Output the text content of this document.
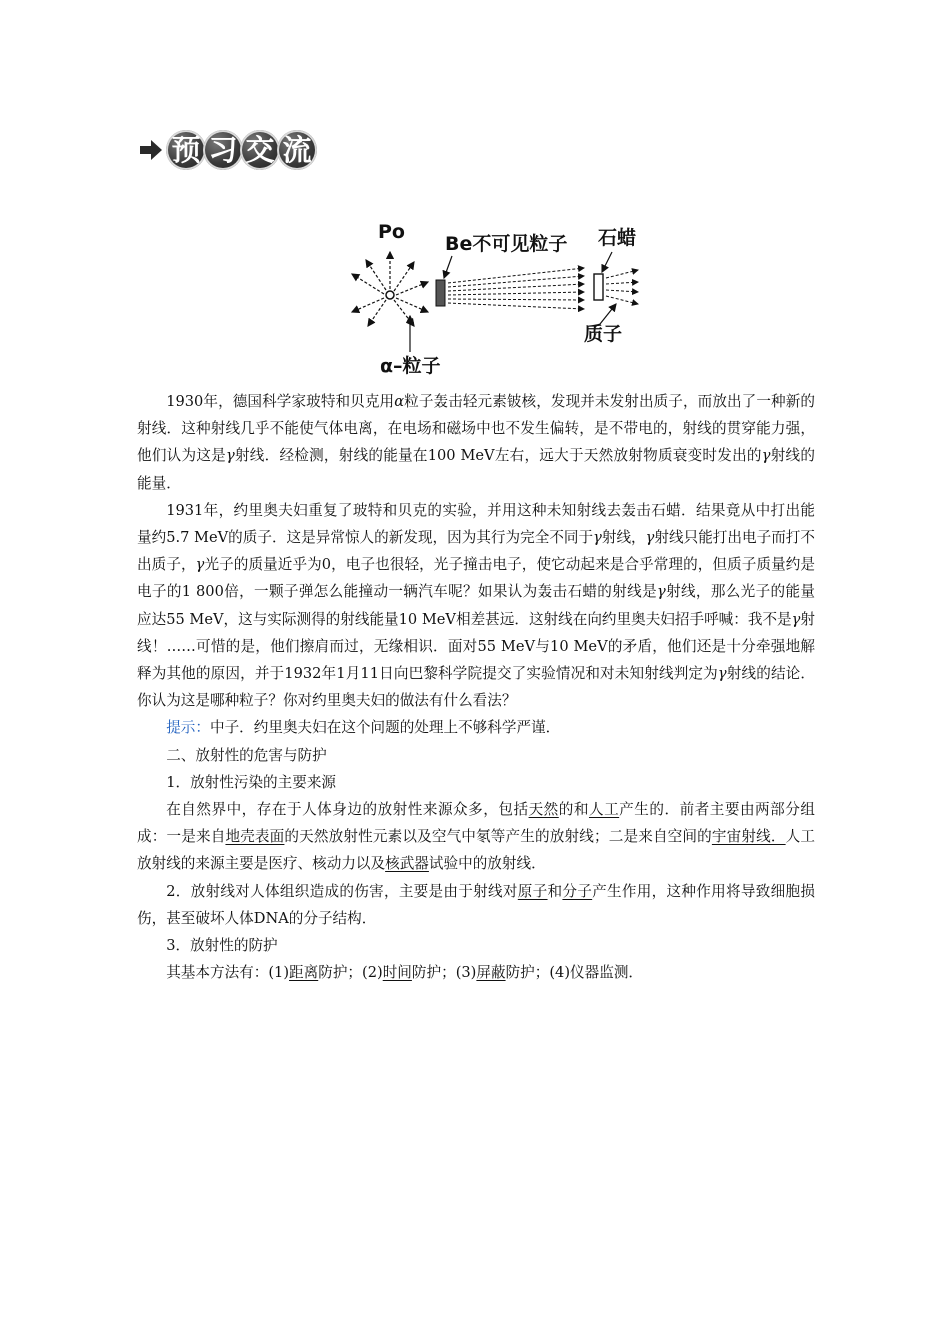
预 习 交 流
Po
α–粒子
Be不可见粒子 石蜡
质子

1930年，德国科学家玻特和贝克用α粒子轰击轻元素铍核，发现并未发射出质子，而放出了一种新的射线．这种射线几乎不能使气体电离，在电场和磁场中也不发生偏转，是不带电的，射线的贯穿能力强，他们认为这是γ射线．经检测，射线的能量在100 MeV左右，远大于天然放射物质衰变时发出的γ射线的能量．

1931年，约里奥夫妇重复了玻特和贝克的实验，并用这种未知射线去轰击石蜡．结果竟从中打出能量约5.7 MeV的质子．这是异常惊人的新发现，因为其行为完全不同于γ射线，γ射线只能打出电子而打不出质子，γ光子的质量近乎为0，电子也很轻，光子撞击电子，使它动起来是合乎常理的，但质子质量约是电子的1 800倍，一颗子弹怎么能撞动一辆汽车呢？如果认为轰击石蜡的射线是γ射线，那么光子的能量应达55 MeV，这与实际测得的射线能量10 MeV相差甚远．这射线在向约里奥夫妇招手呼喊：我不是γ射线！……可惜的是，他们擦肩而过，无缘相识．面对55 MeV与10 MeV的矛盾，他们还是十分牵强地解释为其他的原因，并于1932年1月11日向巴黎科学院提交了实验情况和对未知射线判定为γ射线的结论．你认为这是哪种粒子？你对约里奥夫妇的做法有什么看法？

提示：中子．约里奥夫妇在这个问题的处理上不够科学严谨．

二、放射性的危害与防护

1．放射性污染的主要来源

在自然界中，存在于人体身边的放射性来源众多，包括天然的和人工产生的．前者主要由两部分组成：一是来自地壳表面的天然放射性元素以及空气中氡等产生的放射线；二是来自空间的宇宙射线．人工放射线的来源主要是医疗、核动力以及核武器试验中的放射线．

2．放射线对人体组织造成的伤害，主要是由于射线对原子和分子产生作用，这种作用将导致细胞损伤，甚至破坏人体DNA的分子结构．

3．放射性的防护

其基本方法有：(1)距离防护；(2)时间防护；(3)屏蔽防护；(4)仪器监测．
